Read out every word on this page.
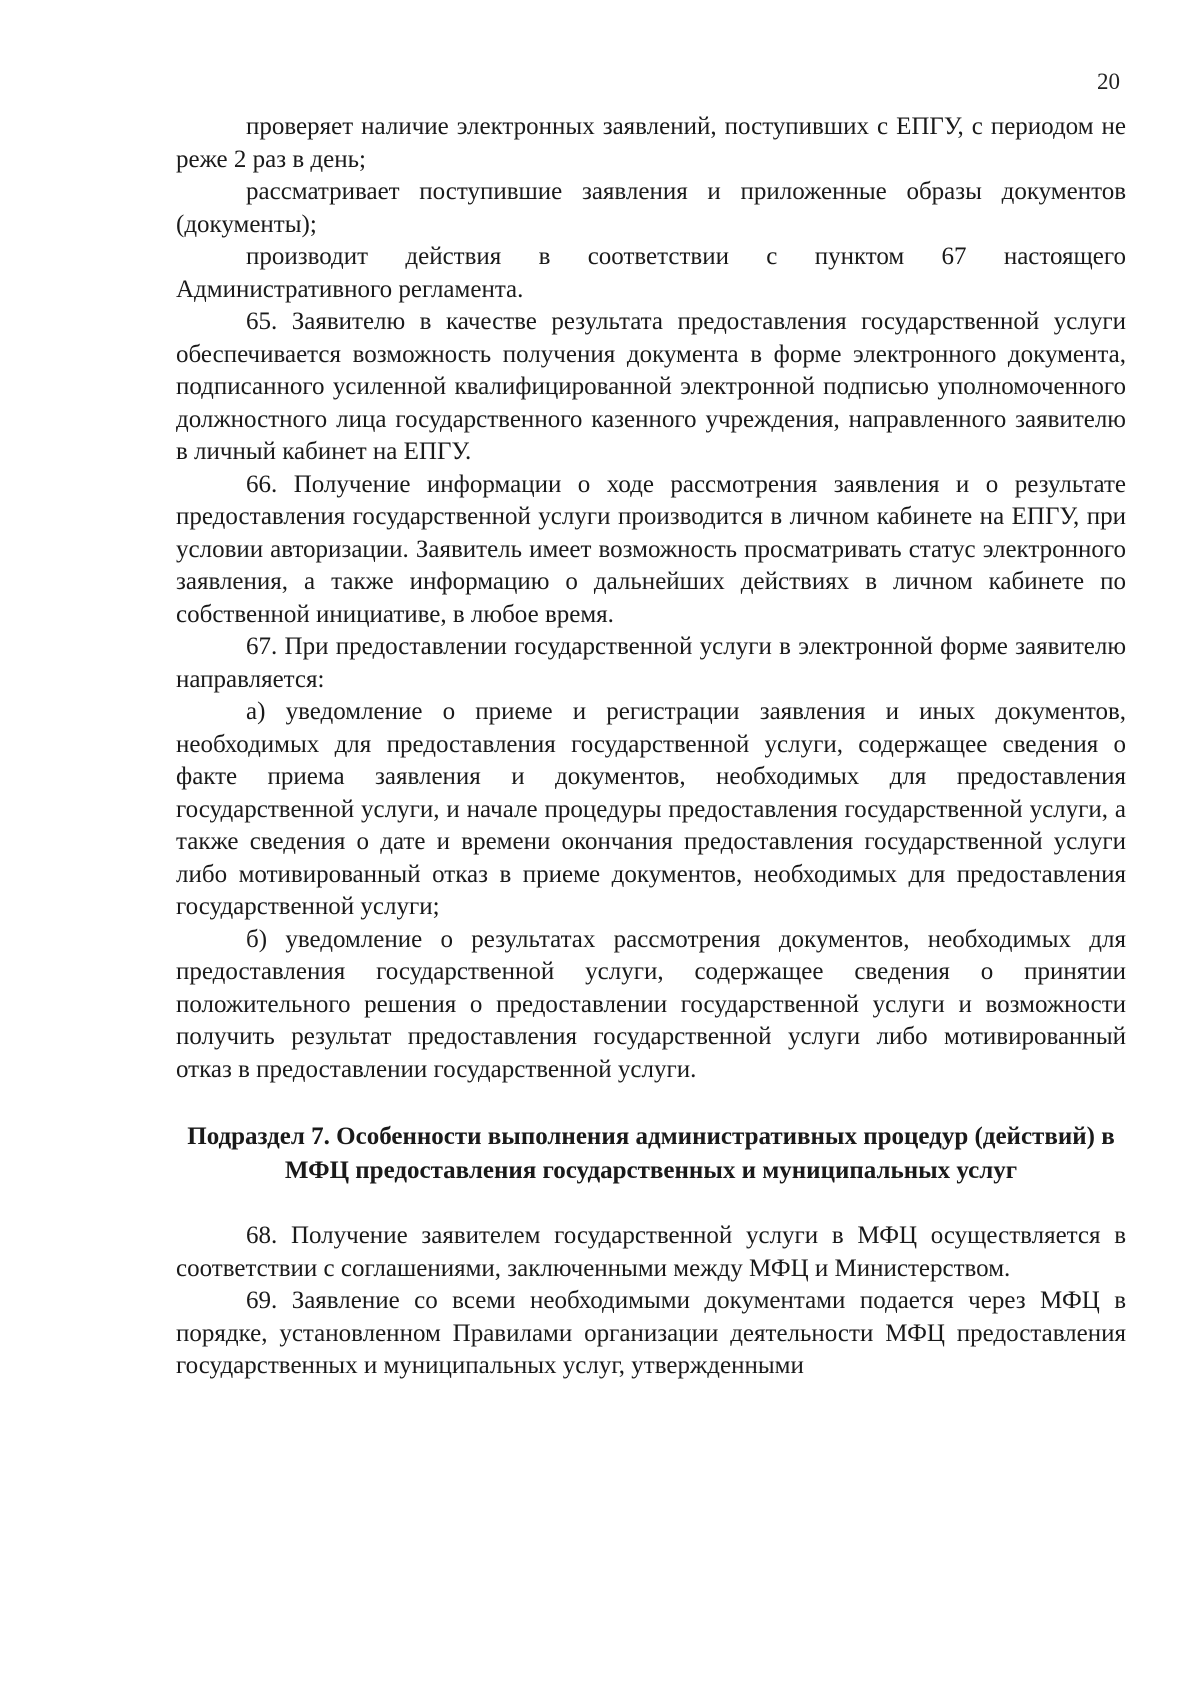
20

проверяет наличие электронных заявлений, поступивших с ЕПГУ, с периодом не реже 2 раз в день;

рассматривает поступившие заявления и приложенные образы документов (документы);

производит действия в соответствии с пунктом 67 настоящего Административного регламента.

65. Заявителю в качестве результата предоставления государственной услуги обеспечивается возможность получения документа в форме электронного документа, подписанного усиленной квалифицированной электронной подписью уполномоченного должностного лица государственного казенного учреждения, направленного заявителю в личный кабинет на ЕПГУ.

66. Получение информации о ходе рассмотрения заявления и о результате предоставления государственной услуги производится в личном кабинете на ЕПГУ, при условии авторизации. Заявитель имеет возможность просматривать статус электронного заявления, а также информацию о дальнейших действиях в личном кабинете по собственной инициативе, в любое время.

67. При предоставлении государственной услуги в электронной форме заявителю направляется:

а) уведомление о приеме и регистрации заявления и иных документов, необходимых для предоставления государственной услуги, содержащее сведения о факте приема заявления и документов, необходимых для предоставления государственной услуги, и начале процедуры предоставления государственной услуги, а также сведения о дате и времени окончания предоставления государственной услуги либо мотивированный отказ в приеме документов, необходимых для предоставления государственной услуги;

б) уведомление о результатах рассмотрения документов, необходимых для предоставления государственной услуги, содержащее сведения о принятии положительного решения о предоставлении государственной услуги и возможности получить результат предоставления государственной услуги либо мотивированный отказ в предоставлении государственной услуги.

Подраздел 7. Особенности выполнения административных процедур (действий) в МФЦ предоставления государственных и муниципальных услуг

68. Получение заявителем государственной услуги в МФЦ осуществляется в соответствии с соглашениями, заключенными между МФЦ и Министерством.

69. Заявление со всеми необходимыми документами подается через МФЦ в порядке, установленном Правилами организации деятельности МФЦ предоставления государственных и муниципальных услуг, утвержденными
